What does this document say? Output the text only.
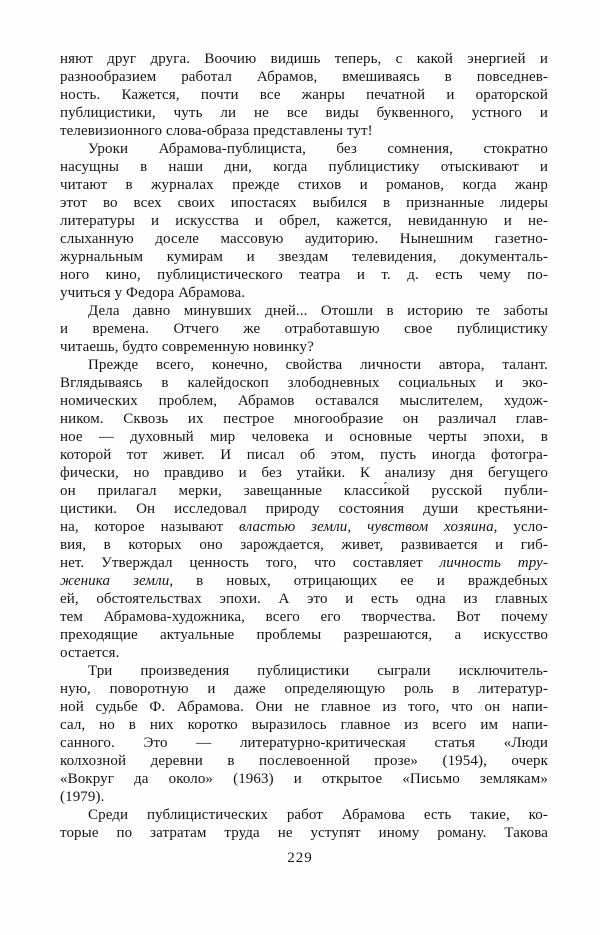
няют друг друга. Воочию видишь теперь, с какой энергией и
разнообразием работал Абрамов, вмешиваясь в повседнев-
ность. Кажется, почти все жанры печатной и ораторской
публицистики, чуть ли не все виды буквенного, устного и
телевизионного слова-образа представлены тут!
Уроки Абрамова-публициста, без сомнения, стократно
насущны в наши дни, когда публицистику отыскивают и
читают в журналах прежде стихов и романов, когда жанр
этот во всех своих ипостасях выбился в признанные лидеры
литературы и искусства и обрел, кажется, невиданную и не-
слыханную доселе массовую аудиторию. Нынешним газетно-
журнальным кумирам и звездам телевидения, документаль-
ного кино, публицистического театра и т. д. есть чему по-
учиться у Федора Абрамова.
Дела давно минувших дней... Отошли в историю те заботы
и времена. Отчего же отработавшую свое публицистику
читаешь, будто современную новинку?
Прежде всего, конечно, свойства личности автора, талант.
Вглядываясь в калейдоскоп злободневных социальных и эко-
номических проблем, Абрамов оставался мыслителем, худож-
ником. Сквозь их пестрое многообразие он различал глав-
ное — духовный мир человека и основные черты эпохи, в
которой тот живет. И писал об этом, пусть иногда фотогра-
фически, но правдиво и без утайки. К анализу дня бегущего
он прилагал мерки, завещанные класси́кой русской публи-
цистики. Он исследовал природу состояния души крестьяни-
на, которое называют властью земли, чувством хозяина, усло-
вия, в которых оно зарождается, живет, развивается и гиб-
нет. Утверждал ценность того, что составляет личность тру-
женика земли, в новых, отрицающих ее и враждебных
ей, обстоятельствах эпохи. А это и есть одна из главных
тем Абрамова-художника, всего его творчества. Вот почему
преходящие актуальные проблемы разрешаются, а искусство
остается.
Три произведения публицистики сыграли исключитель-
ную, поворотную и даже определяющую роль в литератур-
ной судьбе Ф. Абрамова. Они не главное из того, что он напи-
сал, но в них коротко выразилось главное из всего им напи-
санного. Это — литературно-критическая статья «Люди
колхозной деревни в послевоенной прозе» (1954), очерк
«Вокруг да около» (1963) и открытое «Письмо землякам»
(1979).
Среди публицистических работ Абрамова есть такие, ко-
торые по затратам труда не уступят иному роману. Такова
229
